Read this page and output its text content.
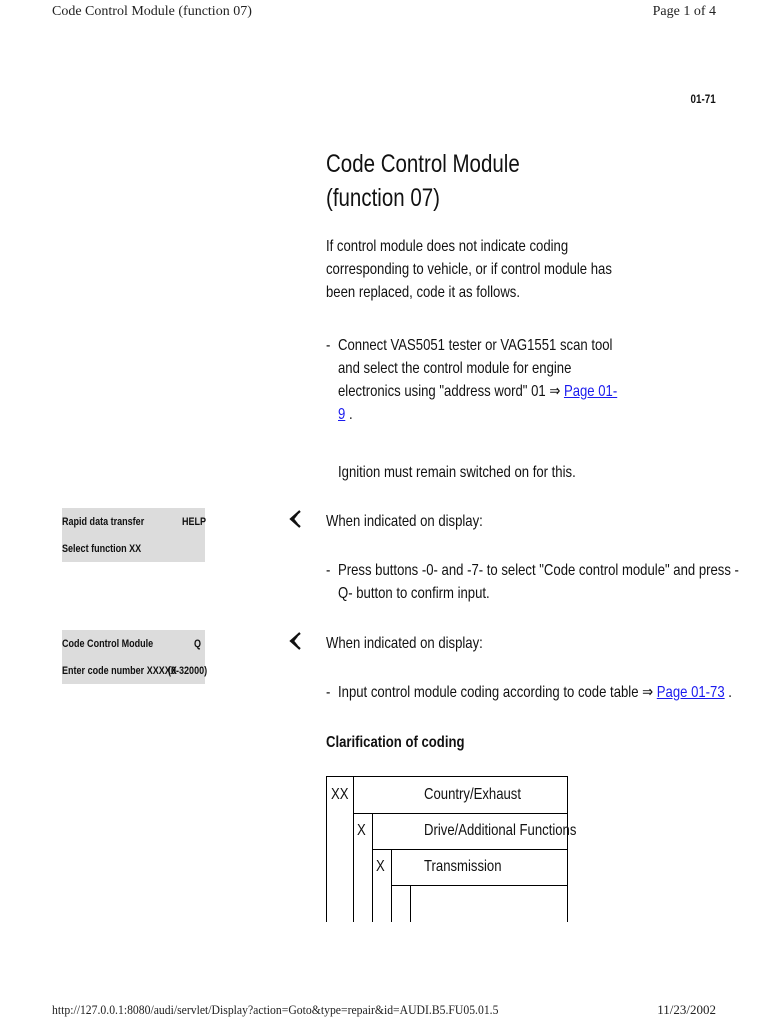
Code Control Module (function 07)	Page 1 of 4
01-71
Code Control Module
(function 07)
If control module does not indicate coding
corresponding to vehicle, or if control module has
been replaced, code it as follows.
- Connect VAS5051 tester or VAG1551 scan tool
and select the control module for engine
electronics using "address word" 01 ⇒ Page 01-
9 .
Ignition must remain switched on for this.
Rapid data transfer	HELP
Select function XX
When indicated on display:
- Press buttons -0- and -7- to select "Code control module" and press -
Q- button to confirm input.
Code Control Module	Q
Enter code number XXXXX
(0-32000)
When indicated on display:
- Input control module coding according to code table ⇒ Page 01-73 .
Clarification of coding
XX	Country/Exhaust
X	Drive/Additional Functions
X Transmission
http://127.0.0.1:8080/audi/servlet/Display?action=Goto&type=repair&id=AUDI.B5.FU05.01.5	11/23/2002
